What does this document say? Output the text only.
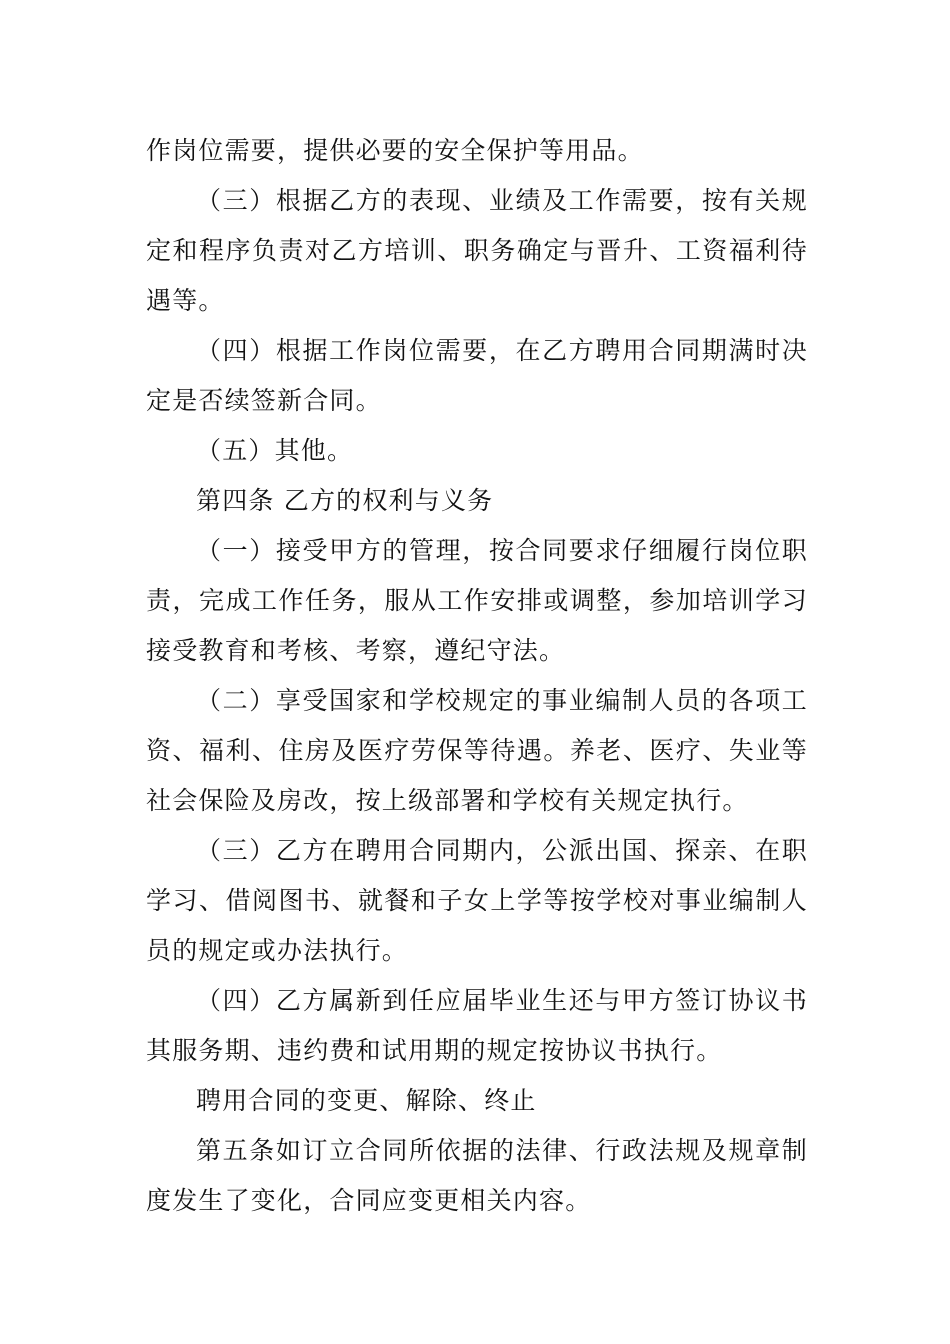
作岗位需要，提供必要的安全保护等用品。

（三）根据乙方的表现、业绩及工作需要，按有关规定和程序负责对乙方培训、职务确定与晋升、工资福利待遇等。

（四）根据工作岗位需要，在乙方聘用合同期满时决定是否续签新合同。

（五）其他。

第四条 乙方的权利与义务

（一）接受甲方的管理，按合同要求仔细履行岗位职责，完成工作任务，服从工作安排或调整，参加培训学习接受教育和考核、考察，遵纪守法。

（二）享受国家和学校规定的事业编制人员的各项工资、福利、住房及医疗劳保等待遇。养老、医疗、失业等社会保险及房改，按上级部署和学校有关规定执行。

（三）乙方在聘用合同期内，公派出国、探亲、在职学习、借阅图书、就餐和子女上学等按学校对事业编制人员的规定或办法执行。

（四）乙方属新到任应届毕业生还与甲方签订协议书其服务期、违约费和试用期的规定按协议书执行。

聘用合同的变更、解除、终止

第五条如订立合同所依据的法律、行政法规及规章制度发生了变化，合同应变更相关内容。
